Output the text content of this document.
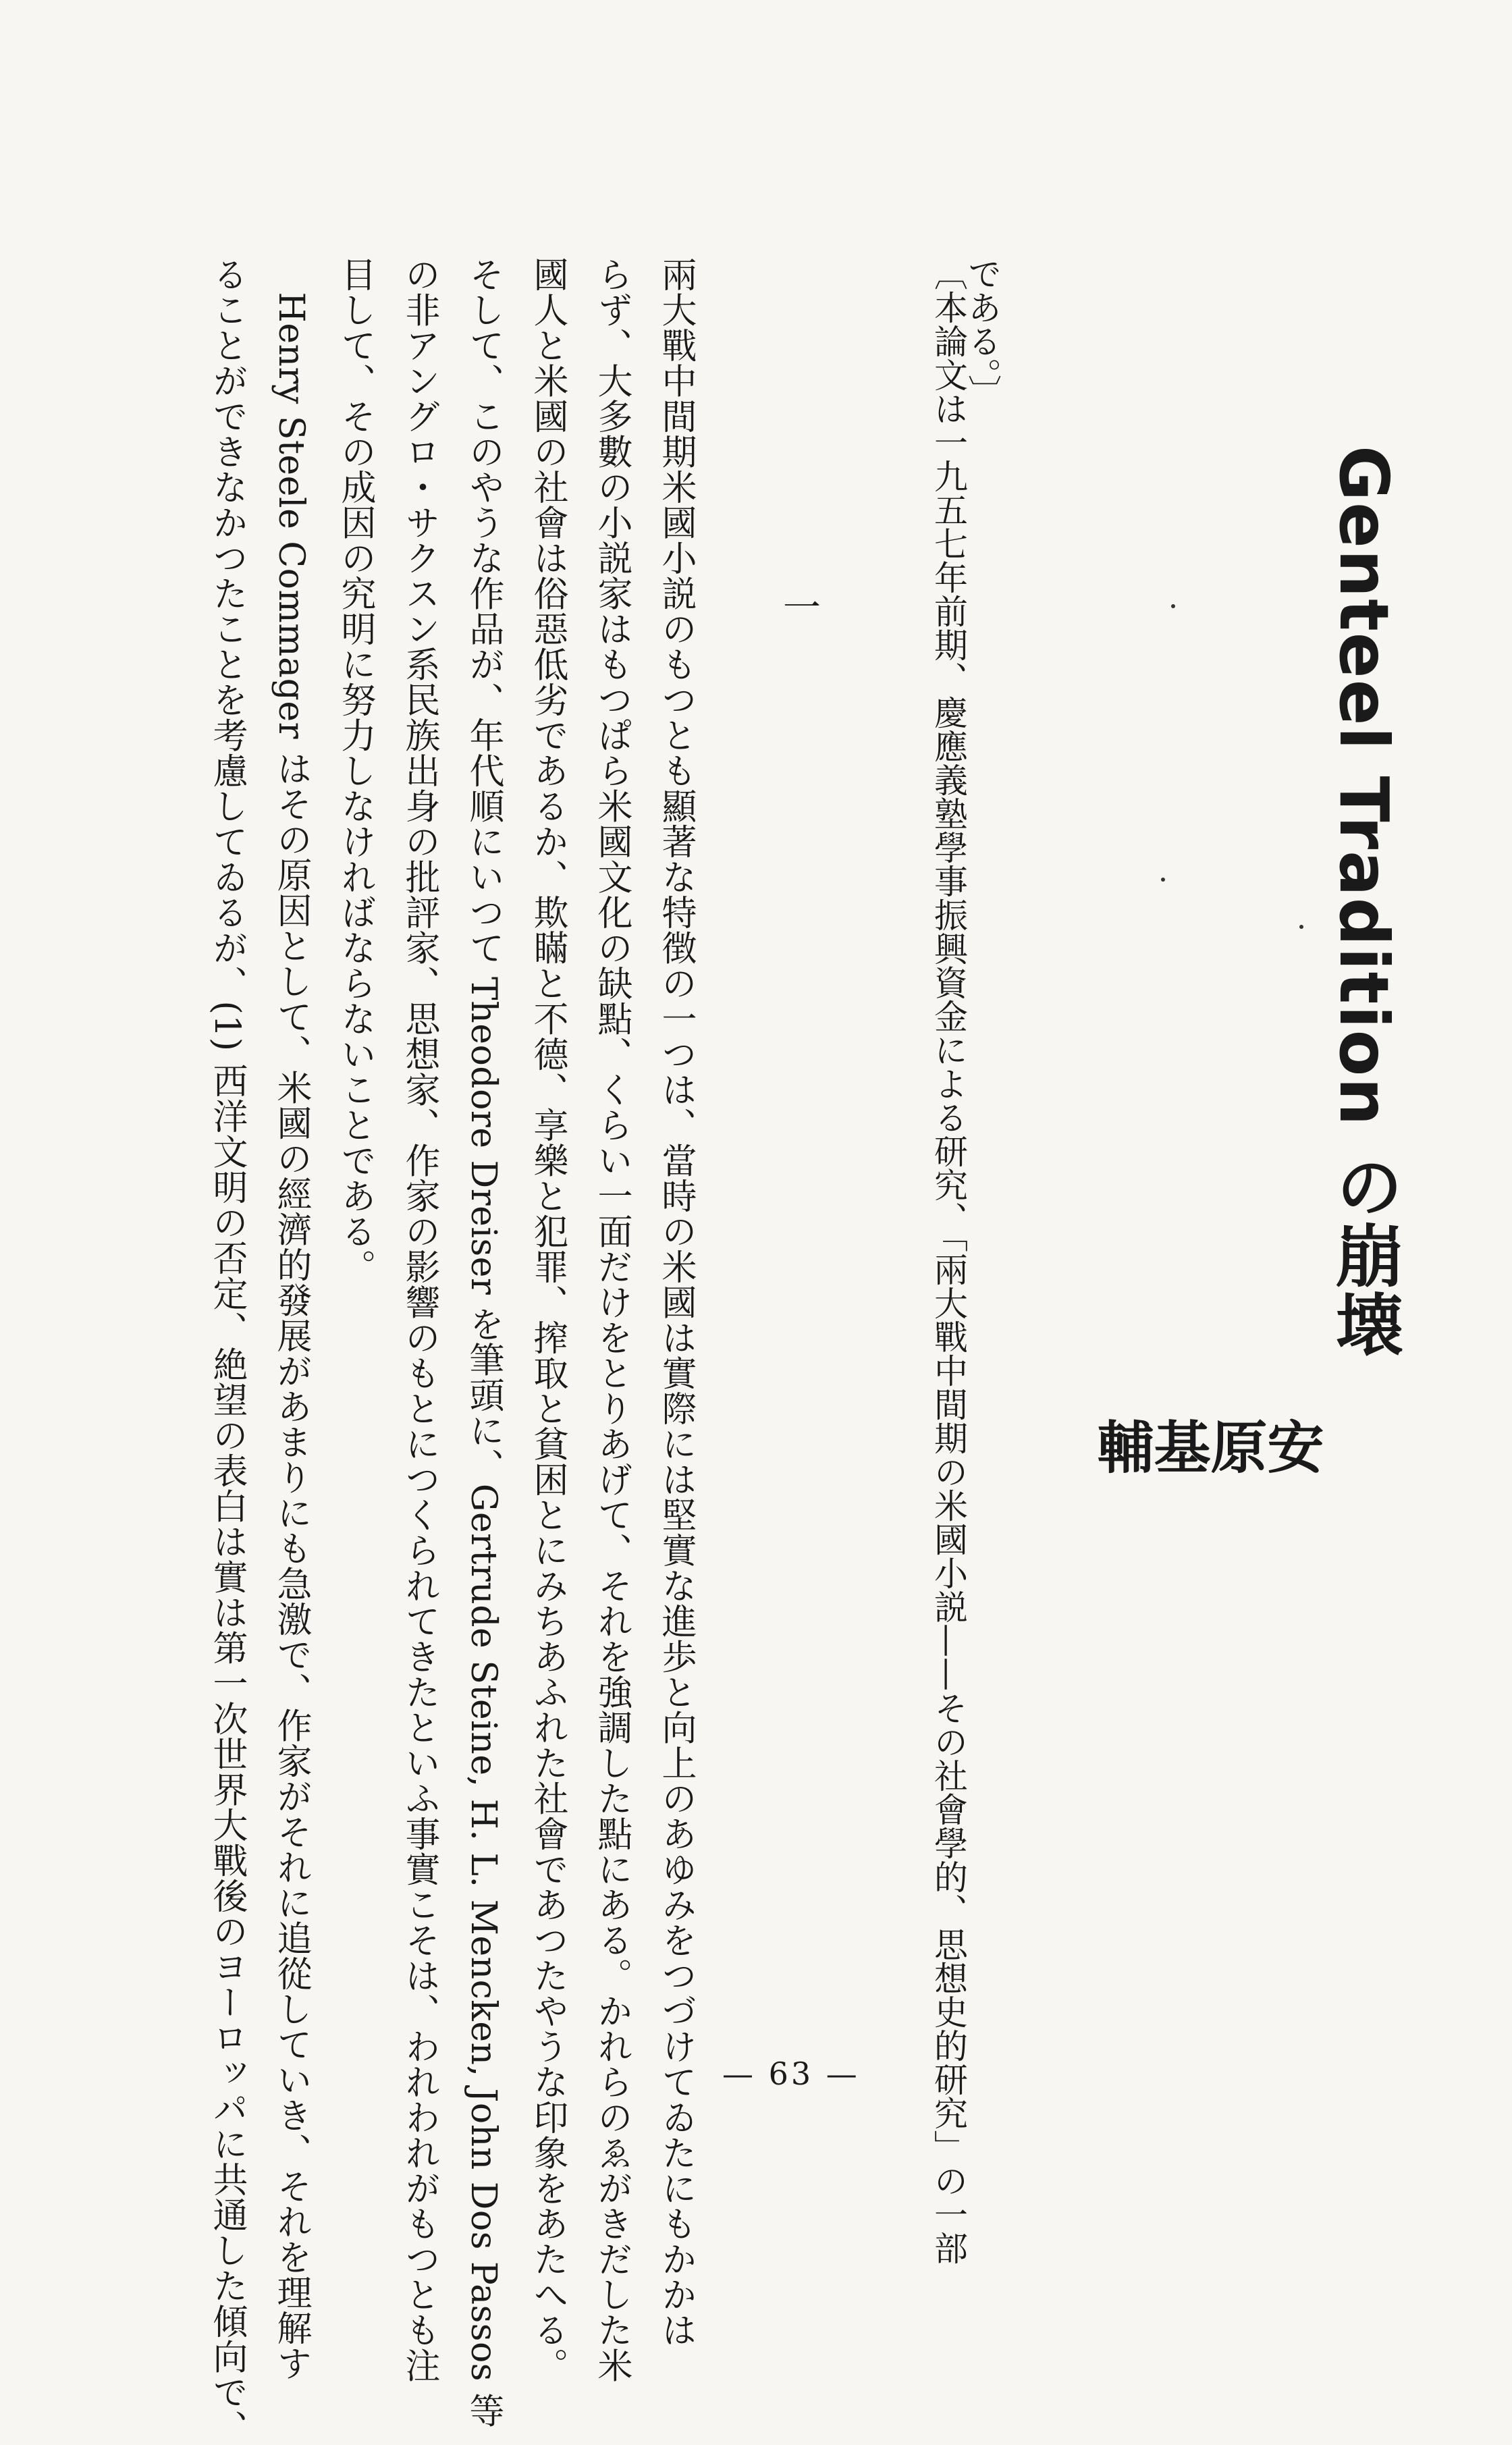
Genteel Tradition の崩壊
安
原
基
輔
〔本論文は一九五七年前期、慶應義塾學事振興資金による研究、「兩大戰中間期の米國小説——その社會學的、思想史的研究」の一部
である。〕
一
兩大戰中間期米國小説のもつとも顯著な特徴の一つは、當時の米國は實際には堅實な進歩と向上のあゆみをつづけてゐたにもかかは
らず、大多數の小説家はもつぱら米國文化の缺點、くらい一面だけをとりあげて、それを強調した點にある。かれらのゑがきだした米
國人と米國の社會は俗惡低劣であるか、欺瞞と不德、享樂と犯罪、搾取と貧困とにみちあふれた社會であつたやうな印象をあたへる。
そして、このやうな作品が、年代順にいつて Theodore Dreiser を筆頭に、Gertrude Steine, H. L. Mencken, John Dos Passos 等
の非アングロ・サクスン系民族出身の批評家、思想家、作家の影響のもとにつくられてきたといふ事實こそは、われわれがもつとも注
目して、その成因の究明に努力しなければならないことである。
　Henry Steele Commager はその原因として、米國の經濟的發展があまりにも急激で、作家がそれに追從していき、それを理解す
ることができなかつたことを考慮してゐるが、(1) 西洋文明の否定、絶望の表白は實は第一次世界大戰後のヨーロッパに共通した傾向で、	— 63 —
